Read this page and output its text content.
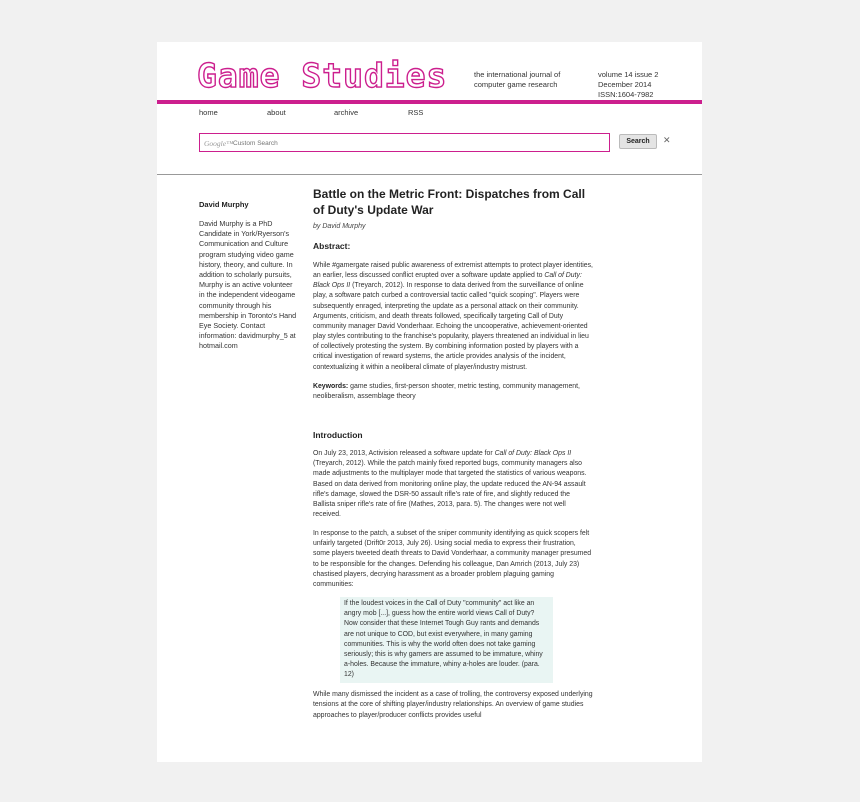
Game Studies	the international journal of
computer game research
volume 14 issue 2
December 2014
ISSN:1604-7982
home	about	archive	RSS
Google™
Custom Search	Search	✕

David Murphy

David Murphy is a PhD Candidate in York/Ryerson's Communication and Culture program studying video game history, theory, and culture. In addition to scholarly pursuits, Murphy is an active volunteer in the independent videogame community through his membership in Toronto's Hand Eye Society. Contact information: davidmurphy_5 at hotmail.com

Battle on the Metric Front: Dispatches from Call of Duty's Update War

by David Murphy

Abstract:

While #gamergate raised public awareness of extremist attempts to protect player identities, an earlier, less discussed conflict erupted over a software update applied to Call of Duty: Black Ops II (Treyarch, 2012). In response to data derived from the surveillance of online play, a software patch curbed a controversial tactic called "quick scoping". Players were subsequently enraged, interpreting the update as a personal attack on their community. Arguments, criticism, and death threats followed, specifically targeting Call of Duty community manager David Vonderhaar. Echoing the uncooperative, achievement-oriented play styles contributing to the franchise's popularity, players threatened an individual in lieu of collectively protesting the system. By combining information posted by players with a critical investigation of reward systems, the article provides analysis of the incident, contextualizing it within a neoliberal climate of player/industry mistrust.

Keywords: game studies, first-person shooter, metric testing, community management, neoliberalism, assemblage theory

Introduction

On July 23, 2013, Activision released a software update for Call of Duty: Black Ops II (Treyarch, 2012). While the patch mainly fixed reported bugs, community managers also made adjustments to the multiplayer mode that targeted the statistics of various weapons. Based on data derived from monitoring online play, the update reduced the AN-94 assault rifle's damage, slowed the DSR-50 assault rifle's rate of fire, and slightly reduced the Ballista sniper rifle's rate of fire (Mathes, 2013, para. 5). The changes were not well received.

In response to the patch, a subset of the sniper community identifying as quick scopers felt unfairly targeted (Drift0r 2013, July 26). Using social media to express their frustration, some players tweeted death threats to David Vonderhaar, a community manager presumed to be responsible for the changes. Defending his colleague, Dan Amrich (2013, July 23) chastised players, decrying harassment as a broader problem plaguing gaming communities:

If the loudest voices in the Call of Duty "community" act like an angry mob [...], guess how the entire world views Call of Duty? Now consider that these Internet Tough Guy rants and demands are not unique to COD, but exist everywhere, in many gaming communities. This is why the world often does not take gaming seriously; this is why gamers are assumed to be immature, whiny a-holes. Because the immature, whiny a-holes are louder. (para. 12)

While many dismissed the incident as a case of trolling, the controversy exposed underlying tensions at the core of shifting player/industry relationships. An overview of game studies approaches to player/producer conflicts provides useful
